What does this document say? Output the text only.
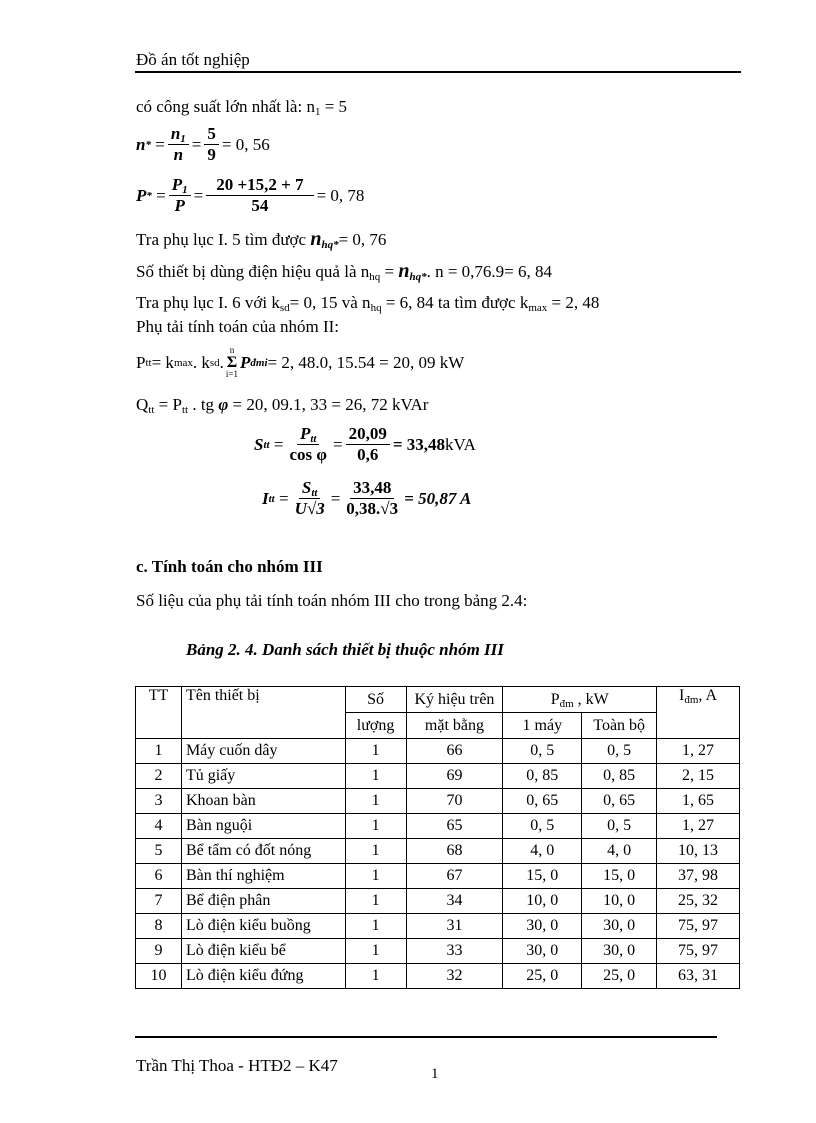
Đồ án tốt nghiệp
có công suất lớn nhất là: $n_1 = 5$
n * = $\frac{n_1}{n} = \frac{5}{9} = 0$, 56
P * = $\frac{P_1}{P} = \frac{20 +15,2 + 7}{54} = 0$, 78
Tra phụ lục I. 5 tìm được $n_{hq*}= 0$, 76
Số thiết bị dùng điện hiệu quả là $n_{hq} = n_{hq*}$. n = 0,76.9= 6, 84
Tra phụ lục I. 6 với $k_{sd}= 0$, 15 và $n_{hq} = 6$, 84 ta tìm được $k_{max} = 2$, 48
Phụ tải tính toán của nhóm II:
P tt = k max . k sd .
n
Σ
i=1
P đmi = 2, 48.0, 15.54 = 20, 09 kW
$Q_{tt} = P_{tt}$ . tg φ = 20, 09.1, 33 = 26, 72 kVAr
S tt = $\frac{P_{tt}}{\text{cos φ}} = \frac{20,09}{0,6} = 33,48$ kVA
I tt = $\frac{S_{tt}}{U√3} = \frac{33,48}{0,38.√3} = 50,87$ A
c. Tính toán cho nhóm III
Số liệu của phụ tải tính toán nhóm III cho trong bảng 2.4:
Bảng 2. 4. Danh sách thiết bị thuộc nhóm III
TT	Tên thiết bị	Số	Ký hiệu trên	$P_{đm}$ , kW		$I_{đm}$, A
		lượng	mặt bằng	1 máy	Toàn bộ	
1	Máy cuốn dây	1	66	0, 5	0, 5	1, 27
2	Tủ giấy	1	69	0, 85	0, 85	2, 15
3	Khoan bàn	1	70	0, 65	0, 65	1, 65
4	Bàn nguội	1	65	0, 5	0, 5	1, 27
5	Bể tẩm có đốt nóng	1	68	4, 0	4, 0	10, 13
6	Bàn thí nghiệm	1	67	15, 0	15, 0	37, 98
7	Bể điện phân	1	34	10, 0	10, 0	25, 32
8	Lò điện kiểu buồng	1	31	30, 0	30, 0	75, 97
9	Lò điện kiểu bể	1	33	30, 0	30, 0	75, 97
10	Lò điện kiểu đứng	1	32	25, 0	25, 0	63, 31
Trần Thị Thoa - HTĐ2 – K47	1
